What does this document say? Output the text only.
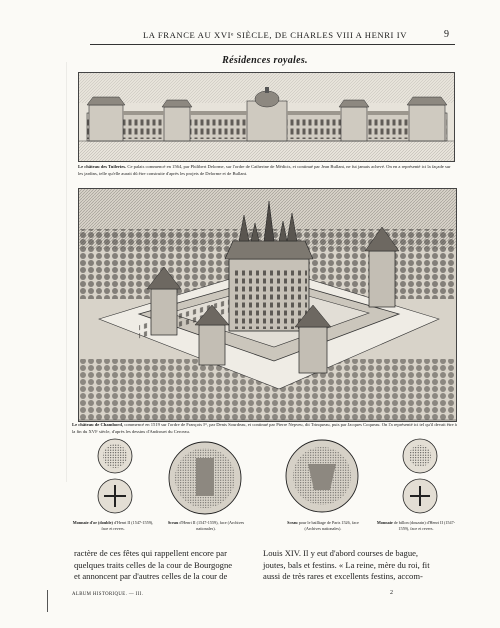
LA FRANCE AU XVIᵉ SIÈCLE, DE CHARLES VIII A HENRI IV	9
Résidences royales.
Le château des Tuileries. Ce palais commencé en 1564, par Philibert Delorme, sur l'ordre de Catherine de Médicis, et continué par Jean Bullant, ne fut jamais achevé. On en a représenté ici la façade sur les jardins, telle qu'elle aurait dû être construite d'après les projets de Delorme et de Bullant.
Le château de Chambord, commencé en 1519 sur l'ordre de François Iᵉʳ, par Denis Sourdeau, et continué par Pierre Nepveu, dit Trinqueau, puis par Jacques Coqueau. On l'a représenté ici tel qu'il devait être à la fin du XVIᵉ siècle, d'après les dessins d'Androuet du Cerceau.
Monnaie d'or (double) d'Henri II (1547-1559), face et revers.
Sceau d'Henri II (1547-1559), face (Archives nationales).
Sceau pour le bailliage de Paris 1526, face (Archives nationales).
Monnaie de billon (douzain) d'Henri II (1547-1559), face et revers.
ractère de ces fêtes qui rappellent encore par
quelques traits celles de la cour de Bourgogne
et annoncent par d'autres celles de la cour de
Louis XIV. Il y eut d'abord courses de bague,
joutes, bals et festins. « La reine, mère du roi, fit
aussi de très rares et excellents festins, accom-
ALBUM HISTORIQUE. — III.	2
